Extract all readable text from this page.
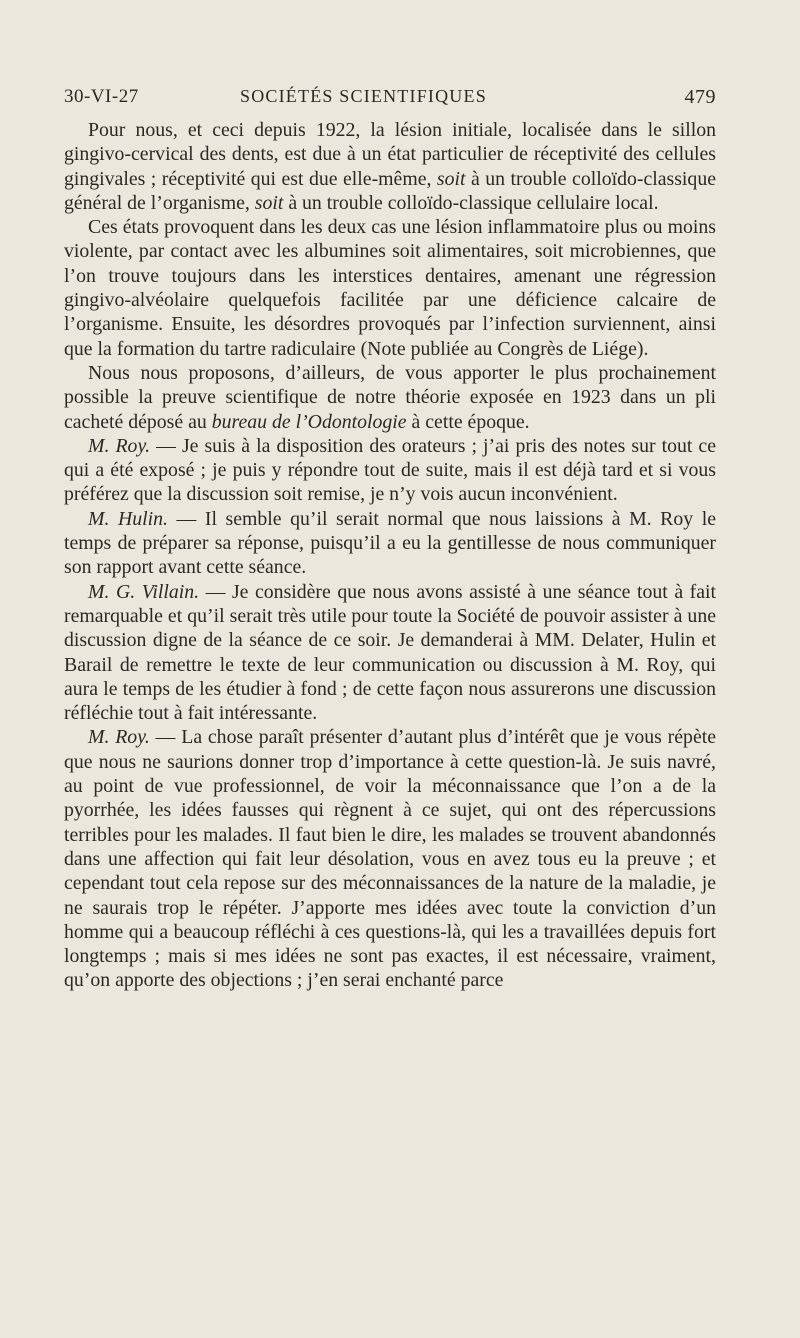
30-VI-27	SOCIÉTÉS SCIENTIFIQUES	479

Pour nous, et ceci depuis 1922, la lésion initiale, localisée dans le sillon gingivo-cervical des dents, est due à un état particulier de réceptivité des cellules gingivales ; réceptivité qui est due elle-même, soit à un trouble colloïdo-classique général de l’organisme, soit à un trouble colloïdo-classique cellulaire local.

Ces états provoquent dans les deux cas une lésion inflammatoire plus ou moins violente, par contact avec les albumines soit alimentaires, soit microbiennes, que l’on trouve toujours dans les interstices dentaires, amenant une régression gingivo-alvéolaire quelquefois facilitée par une déficience calcaire de l’organisme. Ensuite, les désordres provoqués par l’infection surviennent, ainsi que la formation du tartre radiculaire (Note publiée au Congrès de Liége).

Nous nous proposons, d’ailleurs, de vous apporter le plus prochainement possible la preuve scientifique de notre théorie exposée en 1923 dans un pli cacheté déposé au bureau de l’Odontologie à cette époque.

M. Roy. — Je suis à la disposition des orateurs ; j’ai pris des notes sur tout ce qui a été exposé ; je puis y répondre tout de suite, mais il est déjà tard et si vous préférez que la discussion soit remise, je n’y vois aucun inconvénient.

M. Hulin. — Il semble qu’il serait normal que nous laissions à M. Roy le temps de préparer sa réponse, puisqu’il a eu la gentillesse de nous communiquer son rapport avant cette séance.

M. G. Villain. — Je considère que nous avons assisté à une séance tout à fait remarquable et qu’il serait très utile pour toute la Société de pouvoir assister à une discussion digne de la séance de ce soir. Je demanderai à MM. Delater, Hulin et Barail de remettre le texte de leur communication ou discussion à M. Roy, qui aura le temps de les étudier à fond ; de cette façon nous assurerons une discussion réfléchie tout à fait intéressante.

M. Roy. — La chose paraît présenter d’autant plus d’intérêt que je vous répète que nous ne saurions donner trop d’importance à cette question-là. Je suis navré, au point de vue professionnel, de voir la méconnaissance que l’on a de la pyorrhée, les idées fausses qui règnent à ce sujet, qui ont des répercussions terribles pour les malades. Il faut bien le dire, les malades se trouvent abandonnés dans une affection qui fait leur désolation, vous en avez tous eu la preuve ; et cependant tout cela repose sur des méconnaissances de la nature de la maladie, je ne saurais trop le répéter. J’apporte mes idées avec toute la conviction d’un homme qui a beaucoup réfléchi à ces questions-là, qui les a travaillées depuis fort longtemps ; mais si mes idées ne sont pas exactes, il est nécessaire, vraiment, qu’on apporte des objections ; j’en serai enchanté parce
